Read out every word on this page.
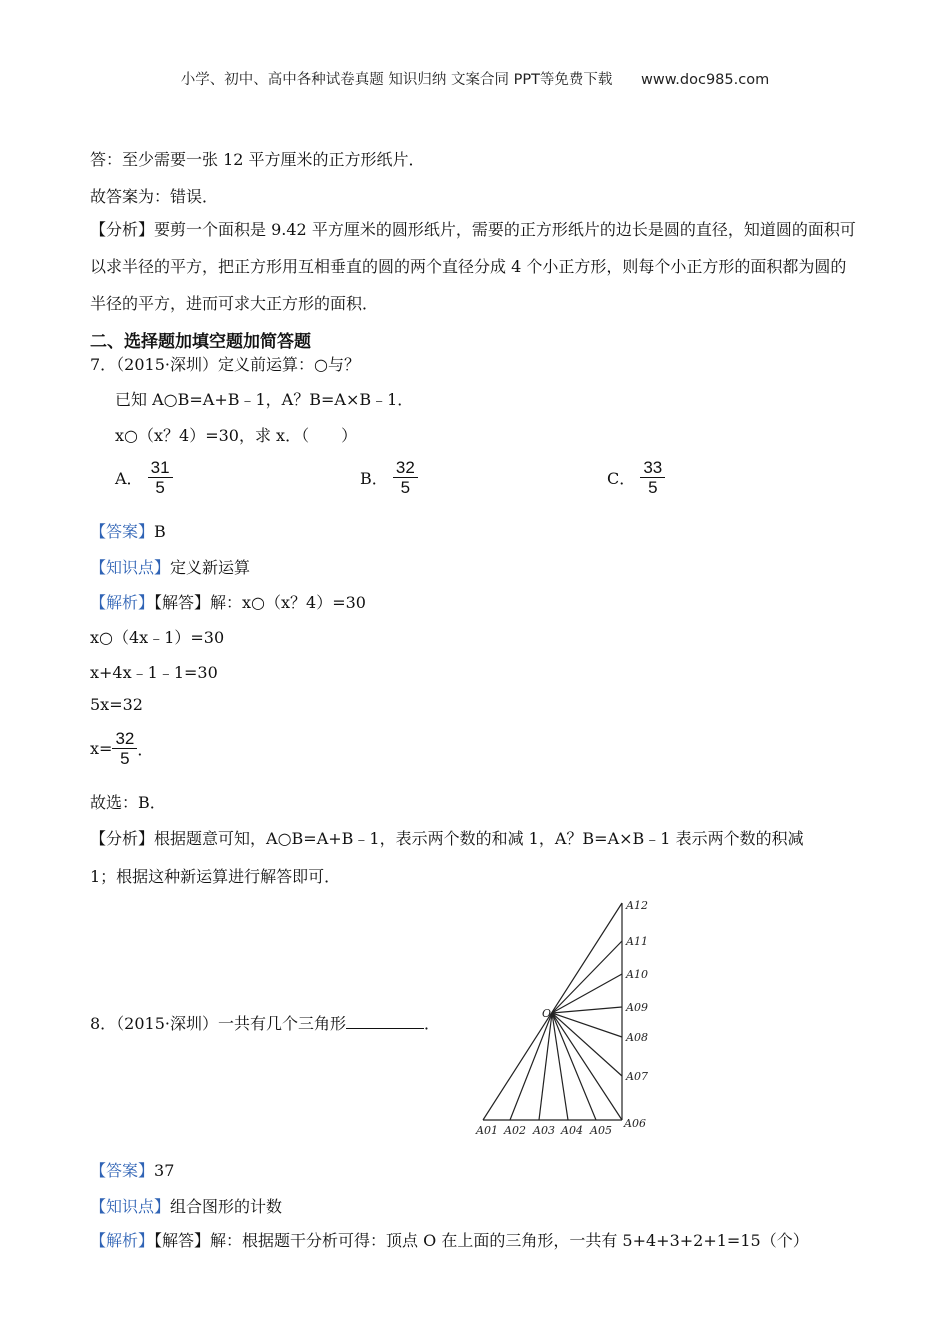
小学、初中、高中各种试卷真题 知识归纳 文案合同 PPT等免费下载 www.doc985.com
答：至少需要一张 12 平方厘米的正方形纸片．
故答案为：错误．
【分析】要剪一个面积是 9.42 平方厘米的圆形纸片，需要的正方形纸片的边长是圆的直径，知道圆的面积可以求半径的平方，把正方形用互相垂直的圆的两个直径分成 4 个小正方形，则每个小正方形的面积都为圆的半径的平方，进而可求大正方形的面积．
二、选择题加填空题加简答题
7．（2015·深圳）定义前运算：○与？
已知 A○B=A+B﹣1，A？B=A×B﹣1．
x○（x？4）=30，求 x．（　　）
A． $\frac{31}{5}$	B． $\frac{32}{5}$	C． $\frac{33}{5}$
【答案】B
【知识点】定义新运算
【解析】【解答】解：x○（x？4）=30
x○（4x﹣1）=30
x+4x﹣1﹣1=30
5x=32
$x= \frac{32}{5}$ ．
故选：B．
【分析】根据题意可知，A○B=A+B﹣1，表示两个数的和减 1，A？B=A×B﹣1 表示两个数的积减
1；根据这种新运算进行解答即可．
8．（2015·深圳）一共有几个三角形	．
O
A01 A02 A03 A04 A05
A06
A07
A08
A09
A10
A11
A12
【答案】37
【知识点】组合图形的计数
【解析】【解答】解：根据题干分析可得：顶点 O 在上面的三角形，一共有 5+4+3+2+1=15（个）
